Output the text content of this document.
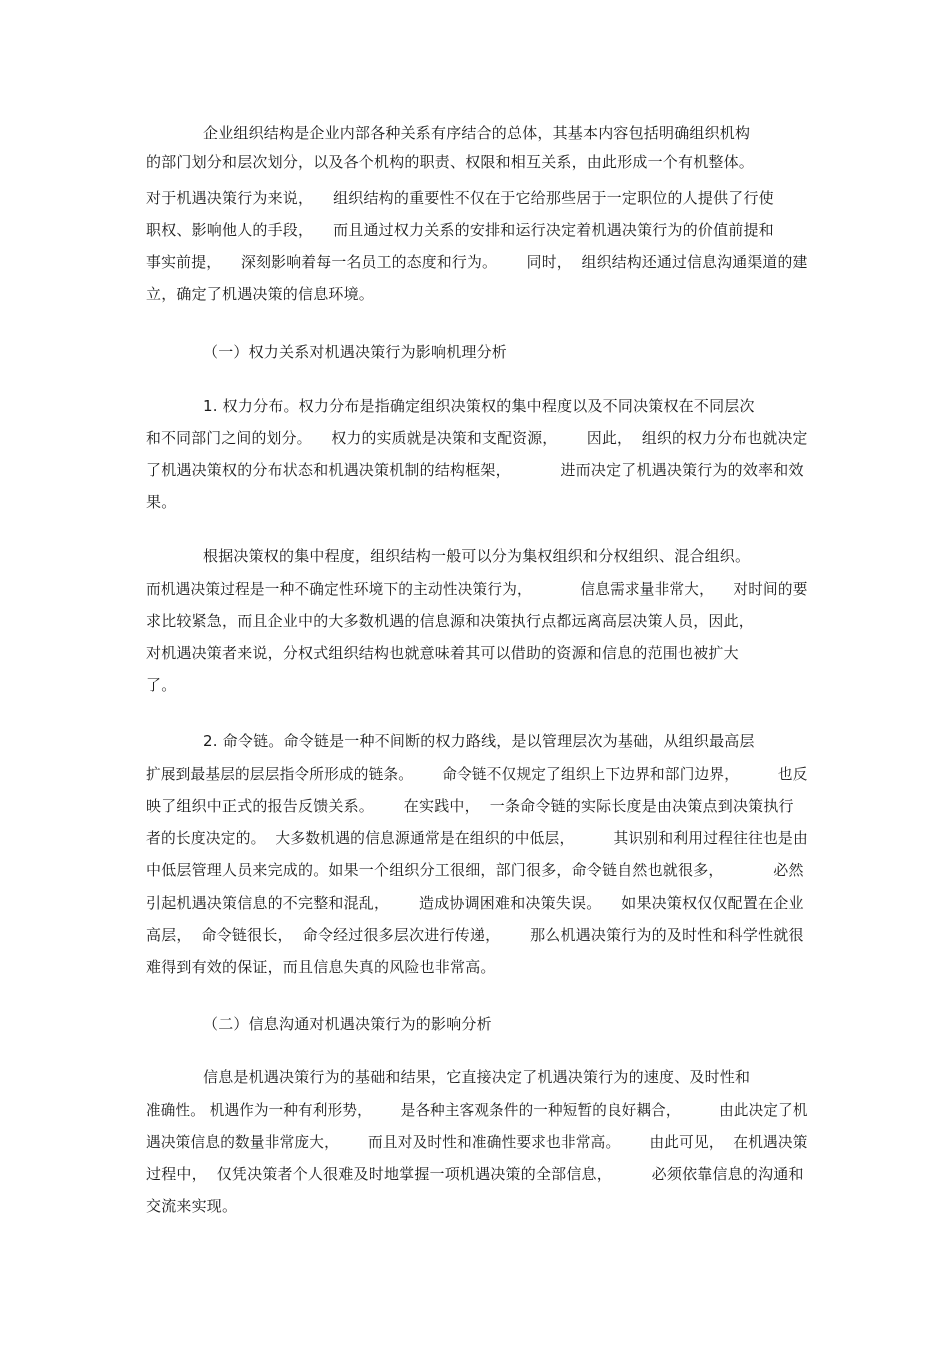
企业组织结构是企业内部各种关系有序结合的总体，其基本内容包括明确组织机构
的部门划分和层次划分，以及各个机构的职责、权限和相互关系，由此形成一个有机整体。
对于机遇决策行为来说，    组织结构的重要性不仅在于它给那些居于一定职位的人提供了行使
职权、影响他人的手段，    而且通过权力关系的安排和运行决定着机遇决策行为的价值前提和
事实前提，    深刻影响着每一名员工的态度和行为。      同时，  组织结构还通过信息沟通渠道的建
立，确定了机遇决策的信息环境。
（一）权力关系对机遇决策行为影响机理分析
1. 权力分布。权力分布是指确定组织决策权的集中程度以及不同决策权在不同层次
和不同部门之间的划分。    权力的实质就是决策和支配资源，      因此，  组织的权力分布也就决定
了机遇决策权的分布状态和机遇决策机制的结构框架，          进而决定了机遇决策行为的效率和效
果。
根据决策权的集中程度，组织结构一般可以分为集权组织和分权组织、混合组织。
而机遇决策过程是一种不确定性环境下的主动性决策行为，          信息需求量非常大，    对时间的要
求比较紧急，而且企业中的大多数机遇的信息源和决策执行点都远离高层决策人员，因此，
对机遇决策者来说，分权式组织结构也就意味着其可以借助的资源和信息的范围也被扩大
了。
2. 命令链。命令链是一种不间断的权力路线，是以管理层次为基础，从组织最高层
扩展到最基层的层层指令所形成的链条。      命令链不仅规定了组织上下边界和部门边界，        也反
映了组织中正式的报告反馈关系。      在实践中，  一条命令链的实际长度是由决策点到决策执行
者的长度决定的。  大多数机遇的信息源通常是在组织的中低层，        其识别和利用过程往往也是由
中低层管理人员来完成的。如果一个组织分工很细，部门很多，命令链自然也就很多，          必然
引起机遇决策信息的不完整和混乱，      造成协调困难和决策失误。    如果决策权仅仅配置在企业
高层，  命令链很长，  命令经过很多层次进行传递，      那么机遇决策行为的及时性和科学性就很
难得到有效的保证，而且信息失真的风险也非常高。
（二）信息沟通对机遇决策行为的影响分析
信息是机遇决策行为的基础和结果，它直接决定了机遇决策行为的速度、及时性和
准确性。 机遇作为一种有利形势，      是各种主客观条件的一种短暂的良好耦合，        由此决定了机
遇决策信息的数量非常庞大，      而且对及时性和准确性要求也非常高。      由此可见，  在机遇决策
过程中，  仅凭决策者个人很难及时地掌握一项机遇决策的全部信息，        必须依靠信息的沟通和
交流来实现。
